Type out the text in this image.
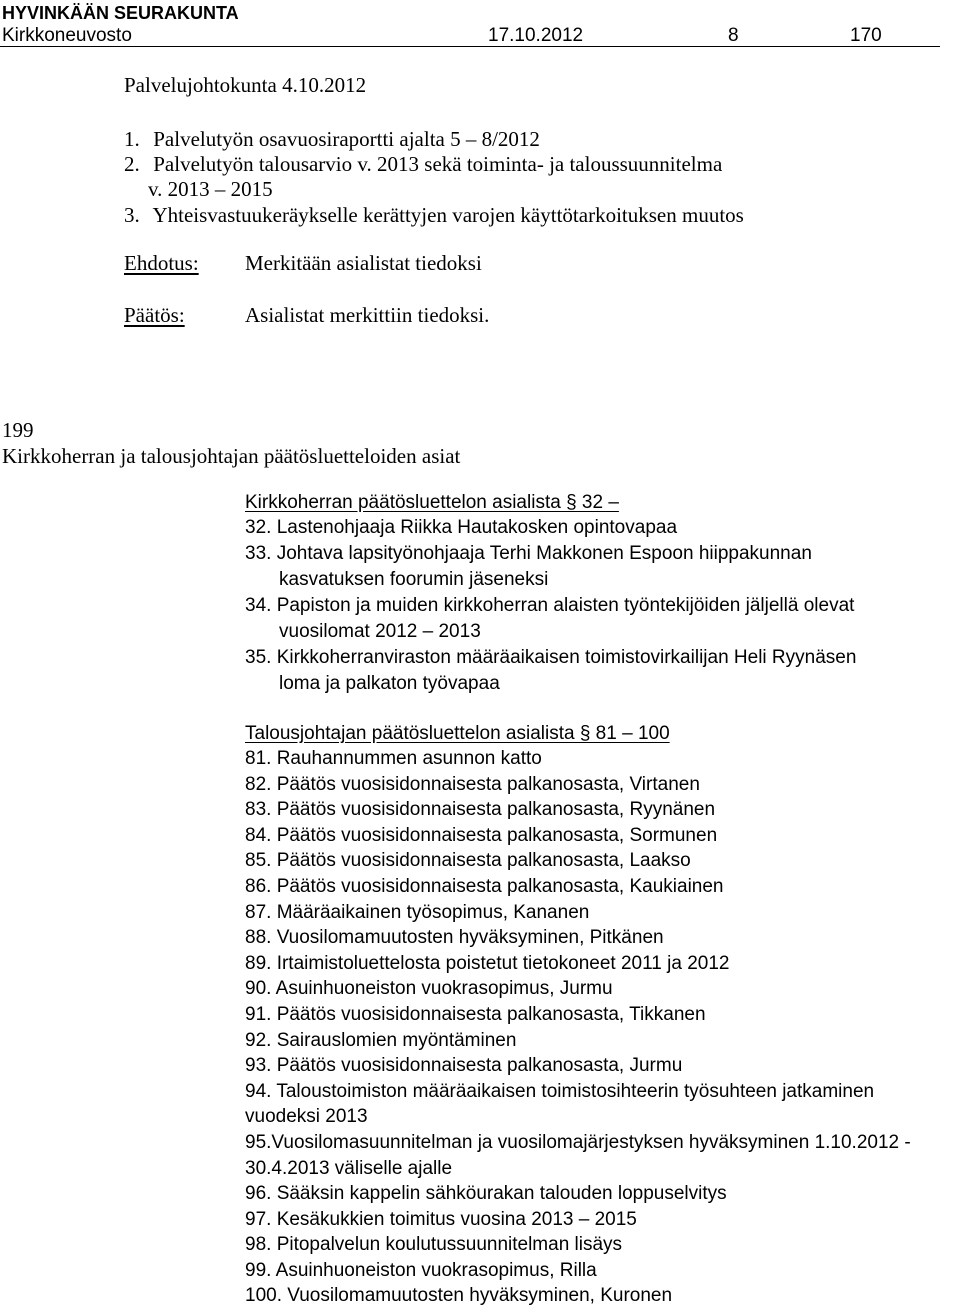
HYVINKÄÄN SEURAKUNTA
Kirkkoneuvosto	17.10.2012	8	170
Palvelujohtokunta 4.10.2012
1. Palvelutyön osavuosiraportti ajalta 5 – 8/2012
2. Palvelutyön talousarvio v. 2013 sekä toiminta- ja taloussuunnitelma
v. 2013 – 2015
3. Yhteisvastuukeräykselle kerättyjen varojen käyttötarkoituksen muutos
Ehdotus: Merkitään asialistat tiedoksi
Päätös:	Asialistat merkittiin tiedoksi.
199
Kirkkoherran ja talousjohtajan päätösluetteloiden asiat
Kirkkoherran päätösluettelon asialista § 32 –
32. Lastenohjaaja Riikka Hautakosken opintovapaa
33. Johtava lapsityönohjaaja Terhi Makkonen Espoon hiippakunnan
kasvatuksen foorumin jäseneksi
34. Papiston ja muiden kirkkoherran alaisten työntekijöiden jäljellä olevat
vuosilomat 2012 – 2013
35. Kirkkoherranviraston määräaikaisen toimistovirkailijan Heli Ryynäsen
loma ja palkaton työvapaa
Talousjohtajan päätösluettelon asialista § 81 – 100
81. Rauhannummen asunnon katto
82. Päätös vuosisidonnaisesta palkanosasta, Virtanen
83. Päätös vuosisidonnaisesta palkanosasta, Ryynänen
84. Päätös vuosisidonnaisesta palkanosasta, Sormunen
85. Päätös vuosisidonnaisesta palkanosasta, Laakso
86. Päätös vuosisidonnaisesta palkanosasta, Kaukiainen
87. Määräaikainen työsopimus, Kananen
88. Vuosilomamuutosten hyväksyminen, Pitkänen
89. Irtaimistoluettelosta poistetut tietokoneet 2011 ja 2012
90. Asuinhuoneiston vuokrasopimus, Jurmu
91. Päätös vuosisidonnaisesta palkanosasta, Tikkanen
92. Sairauslomien myöntäminen
93. Päätös vuosisidonnaisesta palkanosasta, Jurmu
94. Taloustoimiston määräaikaisen toimistosihteerin työsuhteen jatkaminen
vuodeksi 2013
95.Vuosilomasuunnitelman ja vuosilomajärjestyksen hyväksyminen 1.10.2012 -
30.4.2013 väliselle ajalle
96. Sääksin kappelin sähköurakan talouden loppuselvitys
97. Kesäkukkien toimitus vuosina 2013 – 2015
98. Pitopalvelun koulutussuunnitelman lisäys
99. Asuinhuoneiston vuokrasopimus, Rilla
100. Vuosilomamuutosten hyväksyminen, Kuronen
